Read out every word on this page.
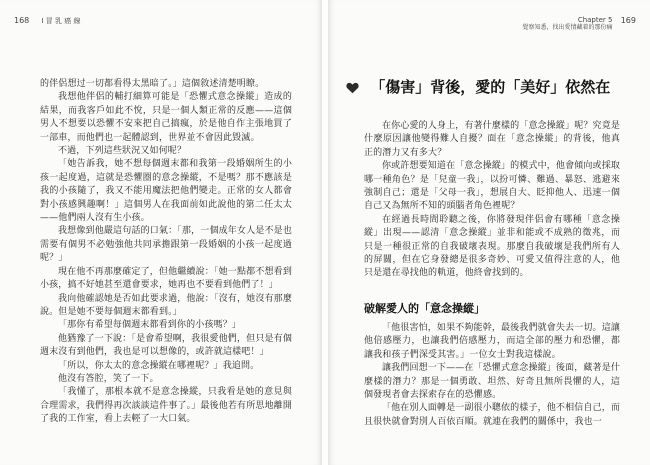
168 I 冒 乳 癌 線

的伴侶想过一切都看得太黑暗了。」這個敘述清楚明瞭。

我想他伴侶的輔打細算可能是「恐懼式意念操縱」造成的結果，而我客戶如此不悅，只是一個人類正常的反應——這個男人不想要以恐懼不安來把自己搞瘋，於是他自作主張地買了一部車，而他們也一起體認到，世界並不會因此毀滅。

不過，下列這些狀況又如何呢？

「她告訴我，她不想每個週末都和我第一段婚姻所生的小孩一起度過，這就是恐懼圈的意念操縱，不是嗎？那不應該是我的小孩隨了，我又不能用魔法把他們變走。正常的女人都會對小孩感興趣啊！」這個男人在我面前如此說他的第二任太太——他們兩人沒有生小孩。

我想像到他嚴這句話的口氣：「那，一個成年女人是不是也需要有個男不必勉強他共同承擔跟第一段婚姻的小孩一起度過呢？」

現在他不再那麼確定了，但他繼續說：「她一點都不想看到小孩，搞不好她甚至還會要求，她再也不要看到他們了！」

我向他確認她是否如此要求過，他說：「沒有，她沒有那麼說。但是她不要每個週末都看到。」

「那你有希望每個週末都看到你的小孩嗎？」

他猶豫了一下說：「是會希望啊，我很愛他們，但只是有個週末沒有到他們，我也是可以想像的，或許就這樣吧！」

「所以，你太太的意念操縱在哪裡呢？」我追問。

他沒有答腔，笑了一下。

「我懂了，那根本就不是意念操縱，只我看是她的意見與合理需求，我們得再次談談這件事了。」最後他若有所思地離開了我的工作室，看上去輕了一大口氣。

Chapter 5
覺察知悉，找出愛情藏着的那份痛
169
「傷害」背後，愛的「美好」依然在

在你心愛的人身上，有著什麼樣的「意念操縱」呢？究竟是什麼原因讓他變得難人自擾？面在「意念操縱」的背後，他真正的潛力又有多大？

你或許想要知道在「意念操縱」的模式中，他會傾向或採取哪一種角色？是「兒童一我」，以扮可憐、難過、暴怒、逃避來強制自己；還是「父母一我」，想展自大、眨抑他人、迅速一個自己又為無所不知的頭腦者角色裡呢？

在經過長時間聆聽之後，你將發現伴侶會有哪種「意念操縱」出現——認清「意念操縱」並非和能或不成熟的徵兆，而只是一種很正常的自我破壞表現。那麼自我破壞是我們所有人的屏關，但在它身發總是很多奇妙、可愛又值得注意的人，他只是還在尋找他的軌道，他終會找到的。

破解愛人的「意念操縱」

「他很害怕，如果不夠能幹，最後我們就會失去一切。這讓他倍感壓力，也讓我們倍感壓力，而這全部的壓力和恐懼，都讓我和孩子們深受其害。」一位女士對我這樣說。

讓我們回想一下——在「恐懼式意念操縱」後面，藏著是什麼樣的潛力？那是一個勇敢、坦然、好奇且無所畏懼的人，這個發現者會去探索存在的恐懼感。

「他在別人面轉是一副很小聰依的樣子，他不相信自己，而且很快就會對別人百依百順。就連在我們的關係中，我也一
